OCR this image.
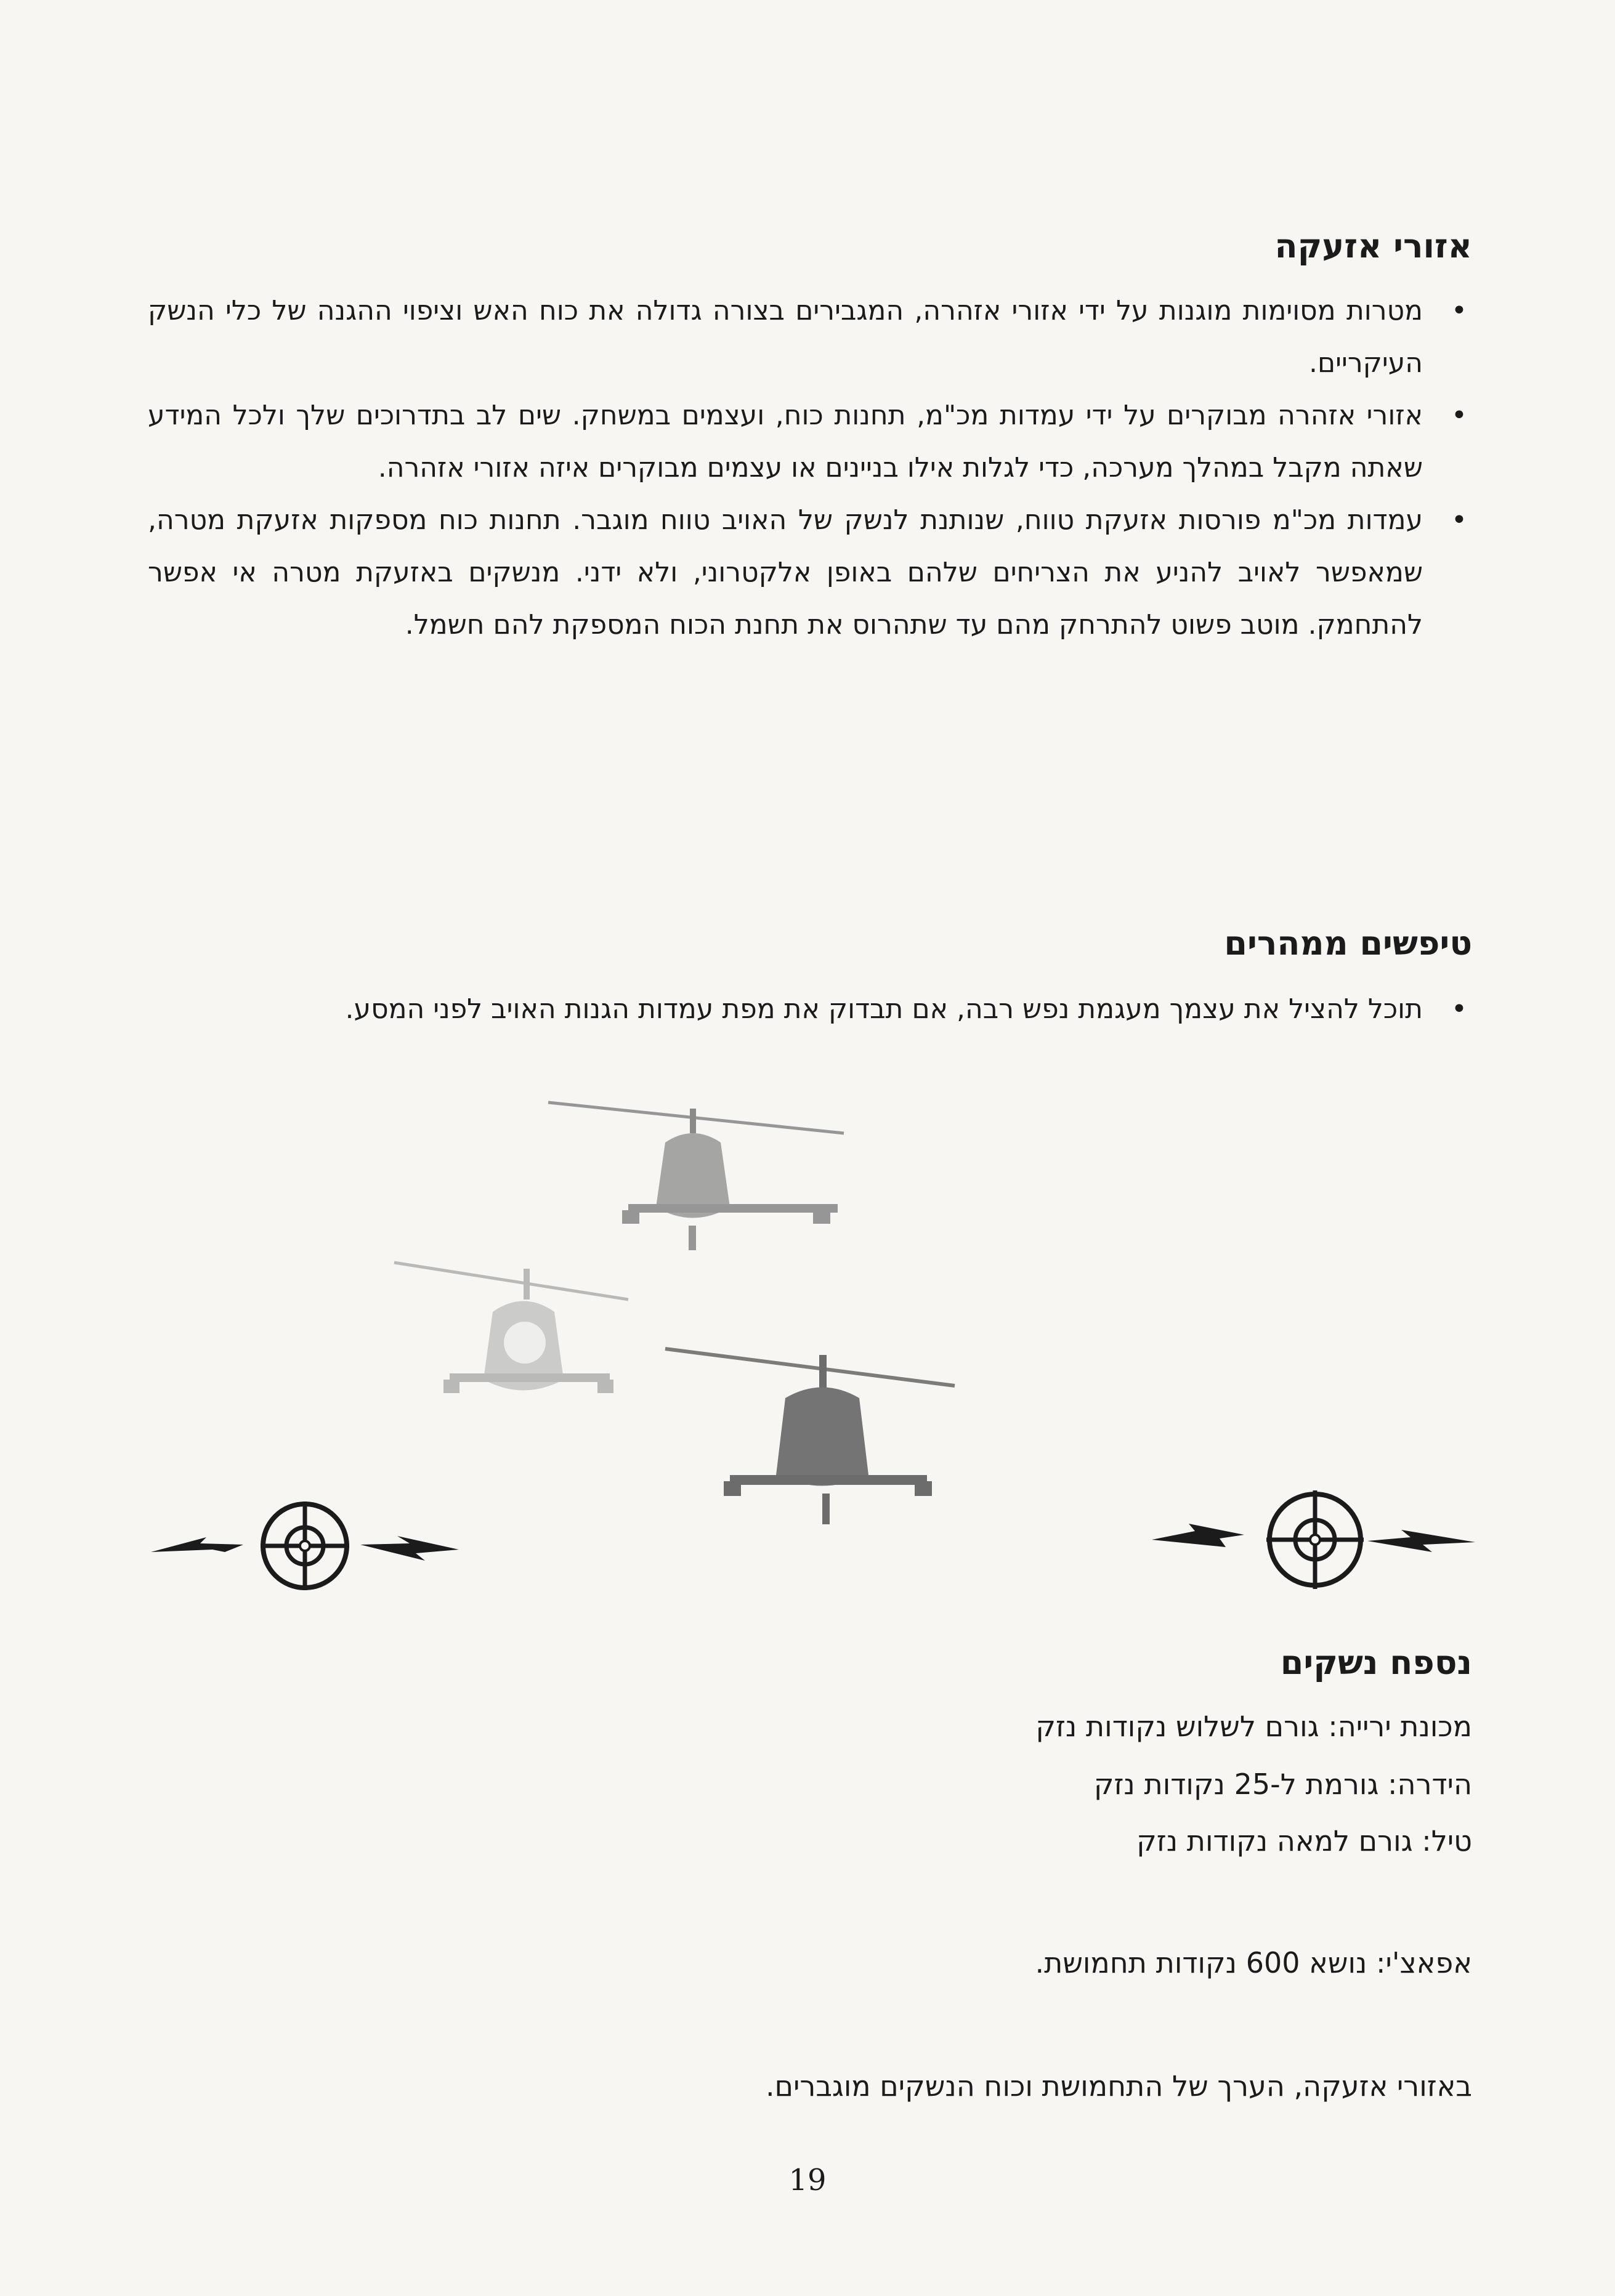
אזורי אזעקה
•
מטרות מסוימות מוגנות על ידי אזורי אזהרה, המגבירים בצורה גדולה את כוח האש וציפוי ההגנה של כלי הנשק העיקריים.
•
אזורי אזהרה מבוקרים על ידי עמדות מכ"מ, תחנות כוח, ועצמים במשחק. שים לב בתדרוכים שלך ולכל המידע שאתה מקבל במהלך מערכה, כדי לגלות אילו בניינים או עצמים מבוקרים איזה אזורי אזהרה.
•
עמדות מכ"מ פורסות אזעקת טווח, שנותנת לנשק של האויב טווח מוגבר. תחנות כוח מספקות אזעקת מטרה, שמאפשר לאויב להניע את הצריחים שלהם באופן אלקטרוני, ולא ידני. מנשקים באזעקת מטרה אי אפשר להתחמק. מוטב פשוט להתרחק מהם עד שתהרוס את תחנת הכוח המספקת להם חשמל.
טיפשים ממהרים
•
תוכל להציל את עצמך מעגמת נפש רבה, אם תבדוק את מפת עמדות הגנות האויב לפני המסע.
נספח נשקים

מכונת ירייה: גורם לשלוש נקודות נזק

הידרה: גורמת ל-25 נקודות נזק

טיל: גורם למאה נקודות נזק

אפאצ'י: נושא 600 נקודות תחמושת.

באזורי אזעקה, הערך של התחמושת וכוח הנשקים מוגברים.

19
